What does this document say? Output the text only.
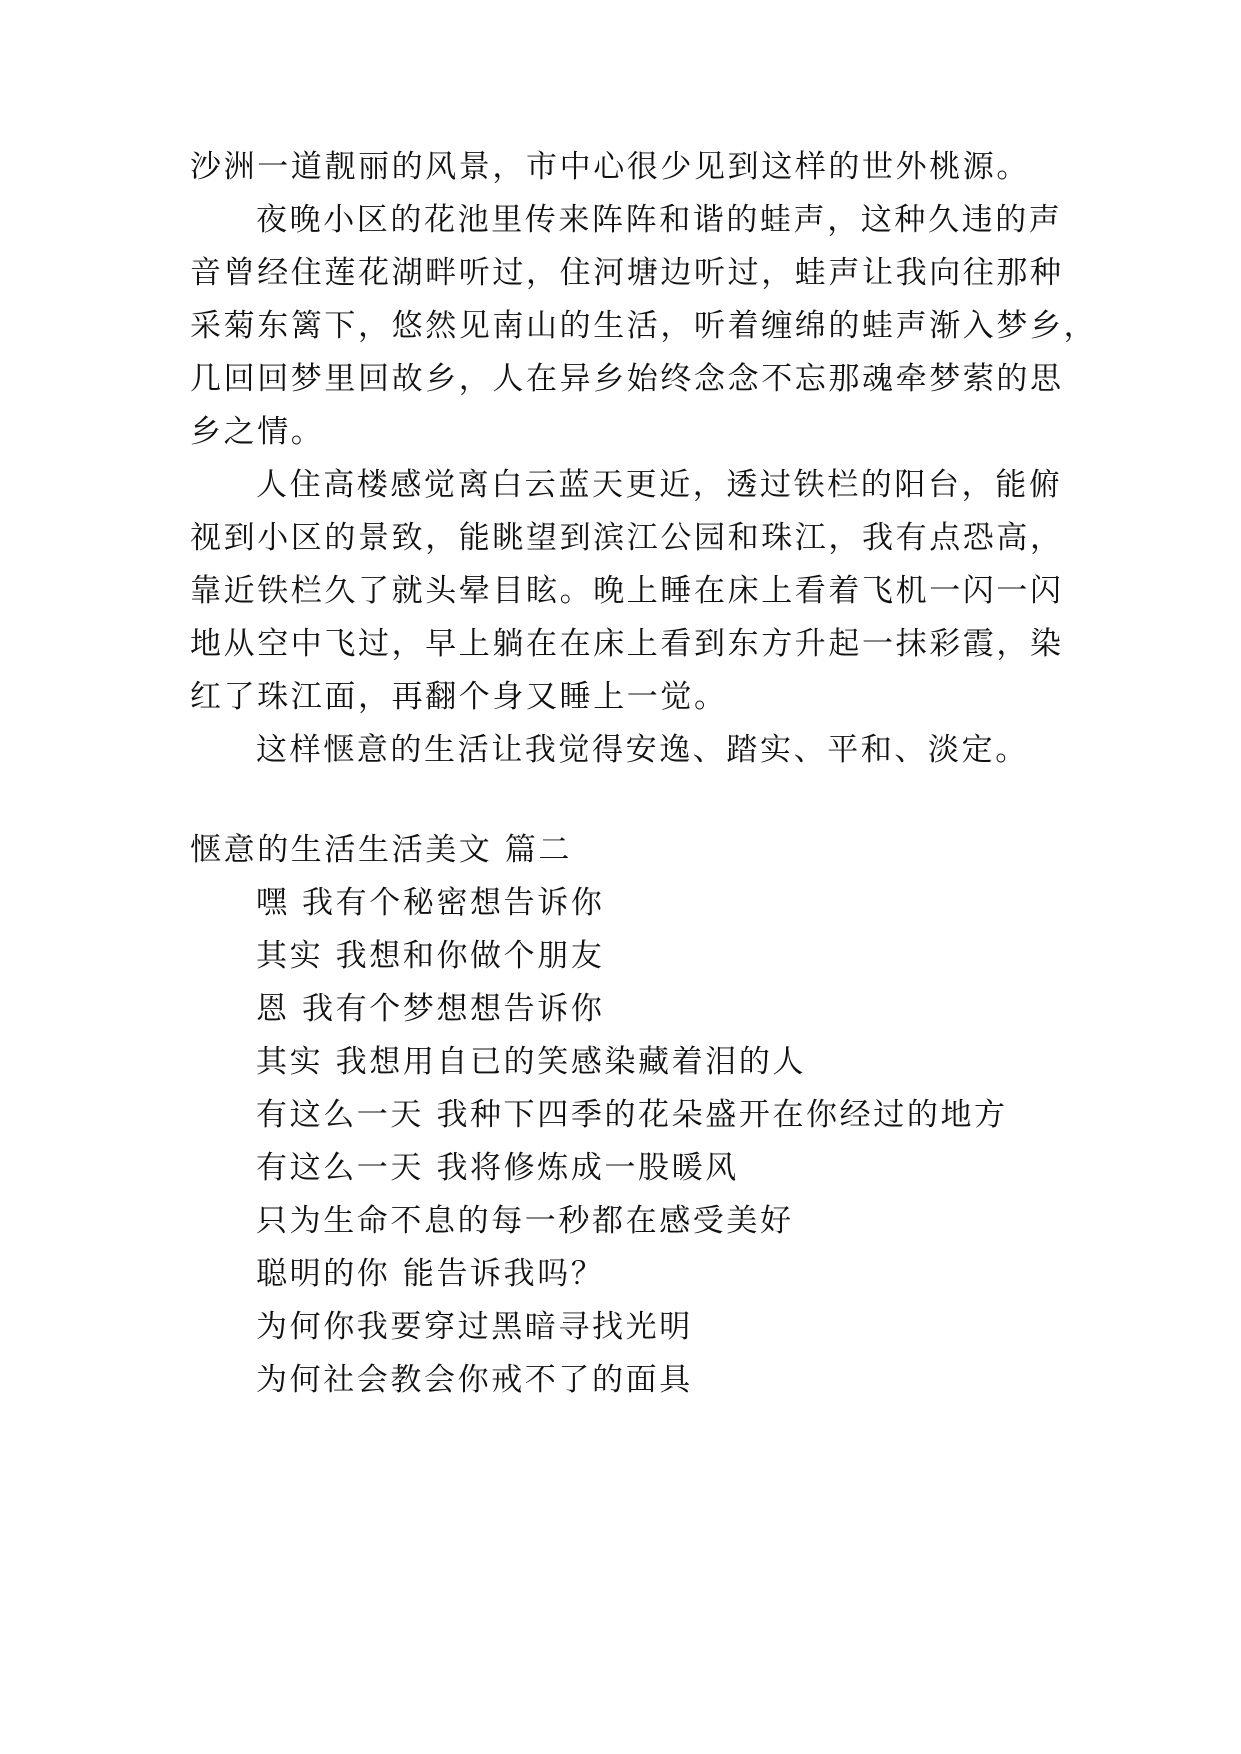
沙洲一道靓丽的风景，市中心很少见到这样的世外桃源。
夜晚小区的花池里传来阵阵和谐的蛙声，这种久违的声
音曾经住莲花湖畔听过，住河塘边听过，蛙声让我向往那种
采菊东篱下，悠然见南山的生活，听着缠绵的蛙声渐入梦乡，
几回回梦里回故乡，人在异乡始终念念不忘那魂牵梦萦的思
乡之情。
人住高楼感觉离白云蓝天更近，透过铁栏的阳台，能俯
视到小区的景致，能眺望到滨江公园和珠江，我有点恐高，
靠近铁栏久了就头晕目眩。晚上睡在床上看着飞机一闪一闪
地从空中飞过，早上躺在在床上看到东方升起一抹彩霞，染
红了珠江面，再翻个身又睡上一觉。
这样惬意的生活让我觉得安逸、踏实、平和、淡定。
惬意的生活生活美文 篇二
嘿 我有个秘密想告诉你
其实 我想和你做个朋友
恩 我有个梦想想告诉你
其实 我想用自已的笑感染藏着泪的人
有这么一天 我种下四季的花朵盛开在你经过的地方
有这么一天 我将修炼成一股暖风
只为生命不息的每一秒都在感受美好
聪明的你 能告诉我吗？
为何你我要穿过黑暗寻找光明
为何社会教会你戒不了的面具
